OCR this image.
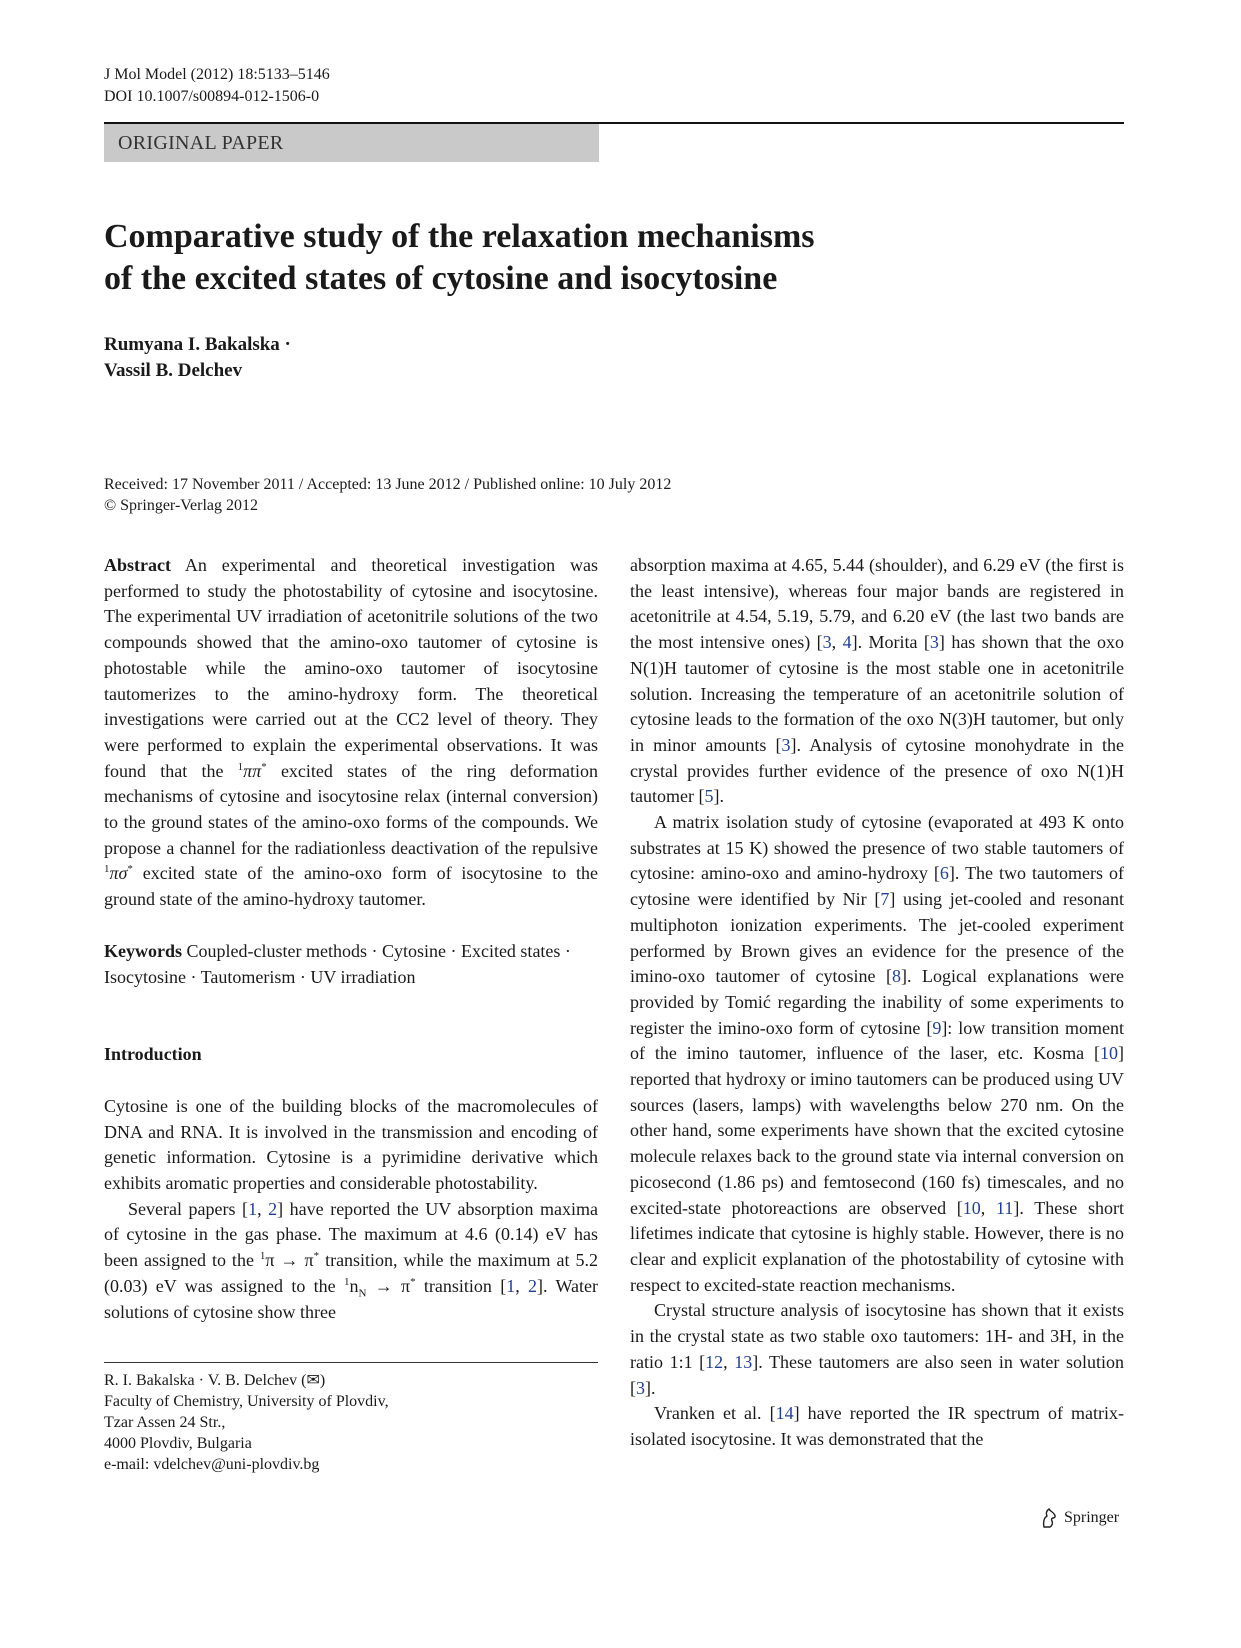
J Mol Model (2012) 18:5133–5146
DOI 10.1007/s00894-012-1506-0
ORIGINAL PAPER
Comparative study of the relaxation mechanisms
of the excited states of cytosine and isocytosine
Rumyana I. Bakalska ·
Vassil B. Delchev
Received: 17 November 2011 / Accepted: 13 June 2012 / Published online: 10 July 2012
© Springer-Verlag 2012

Abstract An experimental and theoretical investigation was performed to study the photostability of cytosine and isocytosine. The experimental UV irradiation of acetonitrile solutions of the two compounds showed that the amino-oxo tautomer of cytosine is photostable while the amino-oxo tautomer of isocytosine tautomerizes to the amino-hydroxy form. The theoretical investigations were carried out at the CC2 level of theory. They were performed to explain the experimental observations. It was found that the $^1$ππ* excited states of the ring deformation mechanisms of cytosine and isocytosine relax (internal conversion) to the ground states of the amino-oxo forms of the compounds. We propose a channel for the radiationless deactivation of the repulsive $^1$πσ* excited state of the amino-oxo form of isocytosine to the ground state of the amino-hydroxy tautomer.

Keywords Coupled-cluster methods · Cytosine · Excited states · Isocytosine · Tautomerism · UV irradiation

Introduction

Cytosine is one of the building blocks of the macromolecules of DNA and RNA. It is involved in the transmission and encoding of genetic information. Cytosine is a pyrimidine derivative which exhibits aromatic properties and considerable photostability.

Several papers [1, 2] have reported the UV absorption maxima of cytosine in the gas phase. The maximum at 4.6 (0.14) eV has been assigned to the $^1$π → π* transition, while the maximum at 5.2 (0.03) eV was assigned to the $^1n_N \to \pi^*$ transition [1, 2]. Water solutions of cytosine show three

absorption maxima at 4.65, 5.44 (shoulder), and 6.29 eV (the first is the least intensive), whereas four major bands are registered in acetonitrile at 4.54, 5.19, 5.79, and 6.20 eV (the last two bands are the most intensive ones) [3, 4]. Morita [3] has shown that the oxo N(1)H tautomer of cytosine is the most stable one in acetonitrile solution. Increasing the temperature of an acetonitrile solution of cytosine leads to the formation of the oxo N(3)H tautomer, but only in minor amounts [3]. Analysis of cytosine monohydrate in the crystal provides further evidence of the presence of oxo N(1)H tautomer [5].

A matrix isolation study of cytosine (evaporated at 493 K onto substrates at 15 K) showed the presence of two stable tautomers of cytosine: amino-oxo and amino-hydroxy [6]. The two tautomers of cytosine were identified by Nir [7] using jet-cooled and resonant multiphoton ionization experiments. The jet-cooled experiment performed by Brown gives an evidence for the presence of the imino-oxo tautomer of cytosine [8]. Logical explanations were provided by Tomić regarding the inability of some experiments to register the imino-oxo form of cytosine [9]: low transition moment of the imino tautomer, influence of the laser, etc. Kosma [10] reported that hydroxy or imino tautomers can be produced using UV sources (lasers, lamps) with wavelengths below 270 nm. On the other hand, some experiments have shown that the excited cytosine molecule relaxes back to the ground state via internal conversion on picosecond (1.86 ps) and femtosecond (160 fs) timescales, and no excited-state photoreactions are observed [10, 11]. These short lifetimes indicate that cytosine is highly stable. However, there is no clear and explicit explanation of the photostability of cytosine with respect to excited-state reaction mechanisms.

Crystal structure analysis of isocytosine has shown that it exists in the crystal state as two stable oxo tautomers: 1H- and 3H, in the ratio 1:1 [12, 13]. These tautomers are also seen in water solution [3].

Vranken et al. [14] have reported the IR spectrum of matrix-isolated isocytosine. It was demonstrated that the

R. I. Bakalska · V. B. Delchev (✉)
Faculty of Chemistry, University of Plovdiv,
Tzar Assen 24 Str.,
4000 Plovdiv, Bulgaria
e-mail: vdelchev@uni-plovdiv.bg
Springer
